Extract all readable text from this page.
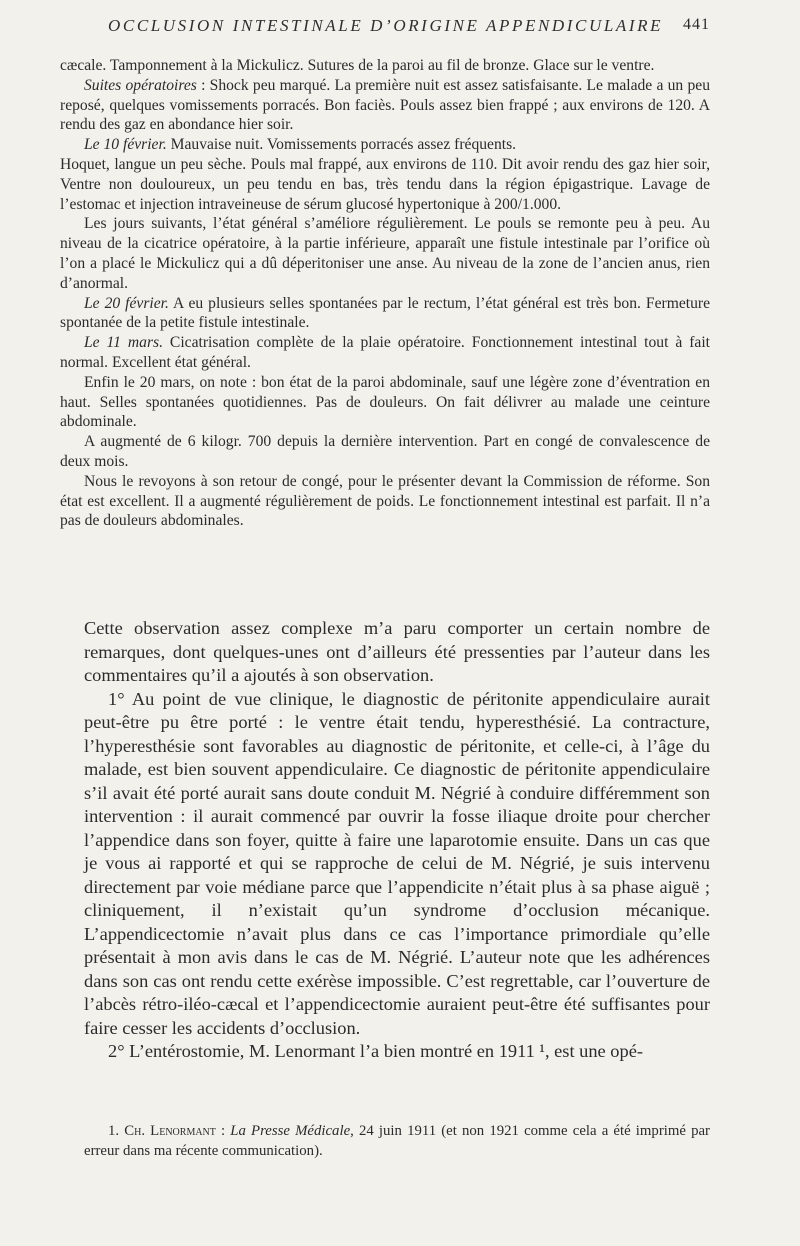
OCCLUSION INTESTINALE D’ORIGINE APPENDICULAIRE	441

cæcale. Tamponnement à la Mickulicz. Sutures de la paroi au fil de bronze. Glace sur le ventre.

Suites opératoires : Shock peu marqué. La première nuit est assez satisfaisante. Le malade a un peu reposé, quelques vomissements porracés. Bon faciès. Pouls assez bien frappé ; aux environs de 120. A rendu des gaz en abondance hier soir.

Le 10 février. Mauvaise nuit. Vomissements porracés assez fréquents.

Hoquet, langue un peu sèche. Pouls mal frappé, aux environs de 110. Dit avoir rendu des gaz hier soir, Ventre non douloureux, un peu tendu en bas, très tendu dans la région épigastrique. Lavage de l’estomac et injection intraveineuse de sérum glucosé hypertonique à 200/1.000.

Les jours suivants, l’état général s’améliore régulièrement. Le pouls se remonte peu à peu. Au niveau de la cicatrice opératoire, à la partie inférieure, apparaît une fistule intestinale par l’orifice où l’on a placé le Mickulicz qui a dû déperitoniser une anse. Au niveau de la zone de l’ancien anus, rien d’anormal.

Le 20 février. A eu plusieurs selles spontanées par le rectum, l’état général est très bon. Fermeture spontanée de la petite fistule intestinale.

Le 11 mars. Cicatrisation complète de la plaie opératoire. Fonctionnement intestinal tout à fait normal. Excellent état général.

Enfin le 20 mars, on note : bon état de la paroi abdominale, sauf une légère zone d’éventration en haut. Selles spontanées quotidiennes. Pas de douleurs. On fait délivrer au malade une ceinture abdominale.

A augmenté de 6 kilogr. 700 depuis la dernière intervention. Part en congé de convalescence de deux mois.

Nous le revoyons à son retour de congé, pour le présenter devant la Commission de réforme. Son état est excellent. Il a augmenté régulièrement de poids. Le fonctionnement intestinal est parfait. Il n’a pas de douleurs abdominales.

Cette observation assez complexe m’a paru comporter un certain nombre de remarques, dont quelques-unes ont d’ailleurs été pressenties par l’auteur dans les commentaires qu’il a ajoutés à son observation.

1° Au point de vue clinique, le diagnostic de péritonite appendiculaire aurait peut-être pu être porté : le ventre était tendu, hyperesthésié. La contracture, l’hyperesthésie sont favorables au diagnostic de péritonite, et celle-ci, à l’âge du malade, est bien souvent appendiculaire. Ce diagnostic de péritonite appendiculaire s’il avait été porté aurait sans doute conduit M. Négrié à conduire différemment son intervention : il aurait commencé par ouvrir la fosse iliaque droite pour chercher l’appendice dans son foyer, quitte à faire une laparotomie ensuite. Dans un cas que je vous ai rapporté et qui se rapproche de celui de M. Négrié, je suis intervenu directement par voie médiane parce que l’appendicite n’était plus à sa phase aiguë ; cliniquement, il n’existait qu’un syndrome d’occlusion mécanique. L’appendicectomie n’avait plus dans ce cas l’importance primordiale qu’elle présentait à mon avis dans le cas de M. Négrié. L’auteur note que les adhérences dans son cas ont rendu cette exérèse impossible. C’est regrettable, car l’ouverture de l’abcès rétro-iléo-cæcal et l’appendicectomie auraient peut-être été suffisantes pour faire cesser les accidents d’occlusion.

2° L’entérostomie, M. Lenormant l’a bien montré en 1911 ¹, est une opé-

1. Ch. Lenormant : La Presse Médicale, 24 juin 1911 (et non 1921 comme cela a été imprimé par erreur dans ma récente communication).
